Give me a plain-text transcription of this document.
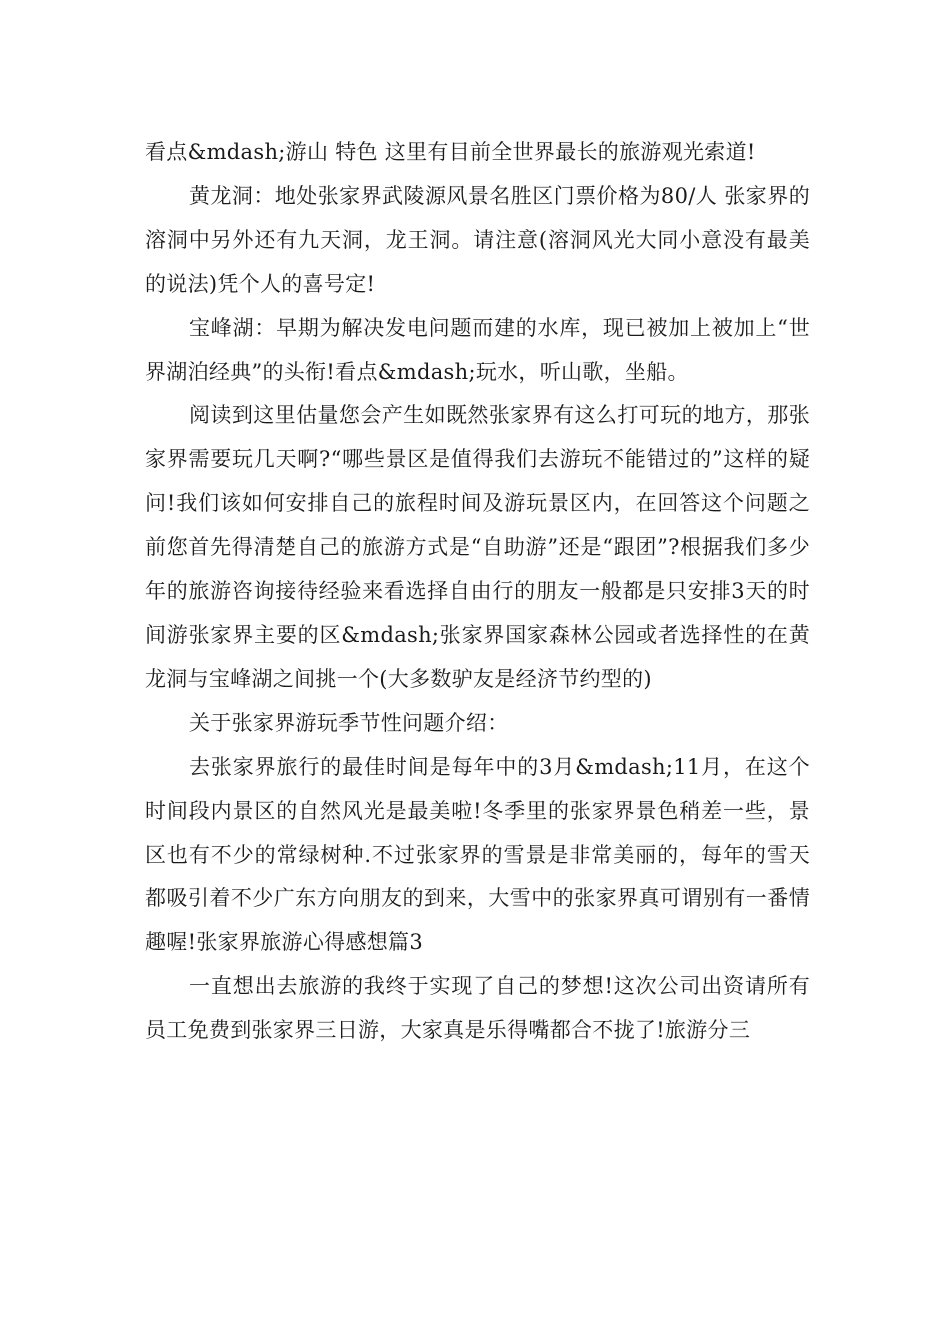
看点&mdash;游山 特色 这里有目前全世界最长的旅游观光索道!

黄龙洞：地处张家界武陵源风景名胜区门票价格为80/人 张家界的溶洞中另外还有九天洞，龙王洞。请注意(溶洞风光大同小意没有最美的说法)凭个人的喜号定!

宝峰湖：早期为解决发电问题而建的水库，现已被加上被加上“世界湖泊经典”的头衔!看点&mdash;玩水，听山歌，坐船。

阅读到这里估量您会产生如既然张家界有这么打可玩的地方，那张家界需要玩几天啊?“哪些景区是值得我们去游玩不能错过的”这样的疑问!我们该如何安排自己的旅程时间及游玩景区内，在回答这个问题之前您首先得清楚自己的旅游方式是“自助游”还是“跟团”?根据我们多少年的旅游咨询接待经验来看选择自由行的朋友一般都是只安排3天的时间游张家界主要的区&mdash;张家界国家森林公园或者选择性的在黄龙洞与宝峰湖之间挑一个(大多数驴友是经济节约型的)

关于张家界游玩季节性问题介绍：

去张家界旅行的最佳时间是每年中的3月&mdash;11月，在这个时间段内景区的自然风光是最美啦!冬季里的张家界景色稍差一些，景区也有不少的常绿树种.不过张家界的雪景是非常美丽的，每年的雪天都吸引着不少广东方向朋友的到来，大雪中的张家界真可谓别有一番情趣喔!张家界旅游心得感想篇3

一直想出去旅游的我终于实现了自己的梦想!这次公司出资请所有员工免费到张家界三日游，大家真是乐得嘴都合不拢了!旅游分三
